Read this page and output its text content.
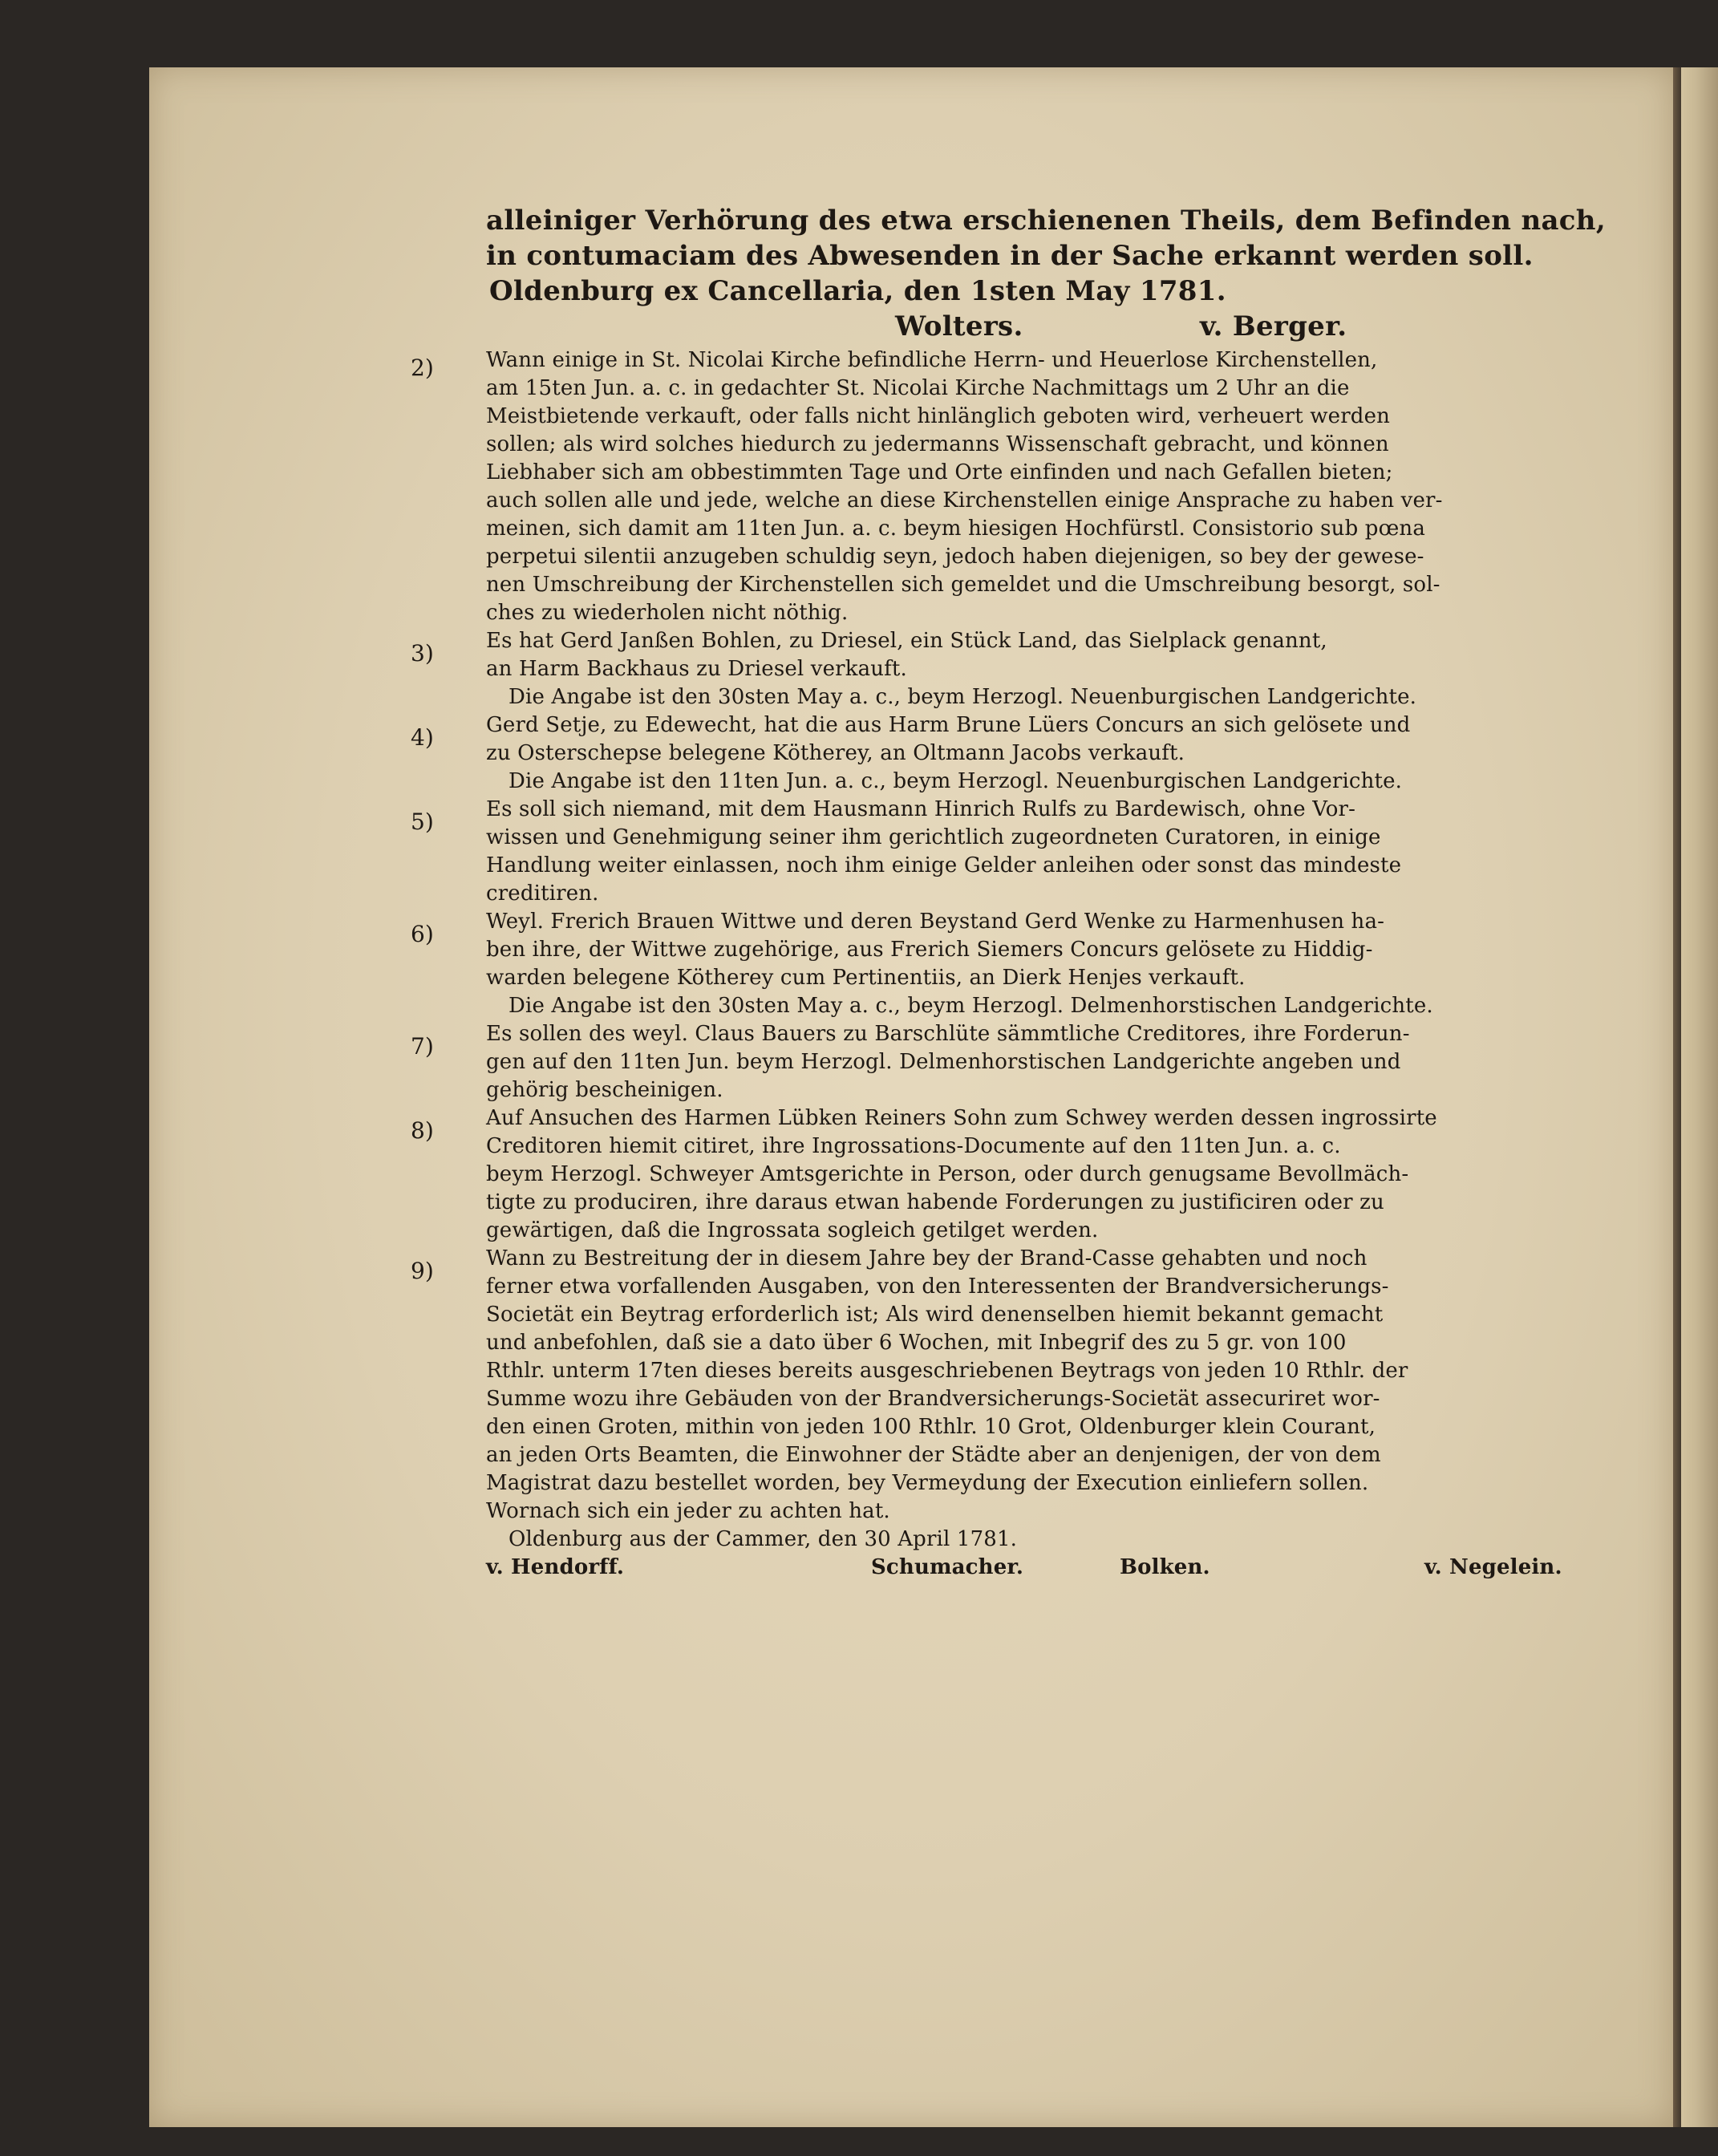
alleiniger Verhörung des etwa erschienenen Theils, dem Befinden nach,
in contumaciam des Abwesenden in der Sache erkannt werden soll.
Oldenburg ex Cancellaria, den 1sten May 1781.
Wolters.	v. Berger.
2)	Wann einige in St. Nicolai Kirche befindliche Herrn- und Heuerlose Kirchenstellen,
am 15ten Jun. a. c. in gedachter St. Nicolai Kirche Nachmittags um 2 Uhr an die
Meistbietende verkauft, oder falls nicht hinlänglich geboten wird, verheuert werden
sollen; als wird solches hiedurch zu jedermanns Wissenschaft gebracht, und können
Liebhaber sich am obbestimmten Tage und Orte einfinden und nach Gefallen bieten;
auch sollen alle und jede, welche an diese Kirchenstellen einige Ansprache zu haben ver-
meinen, sich damit am 11ten Jun. a. c. beym hiesigen Hochfürstl. Consistorio sub pœna
perpetui silentii anzugeben schuldig seyn, jedoch haben diejenigen, so bey der gewese-
nen Umschreibung der Kirchenstellen sich gemeldet und die Umschreibung besorgt, sol-
ches zu wiederholen nicht nöthig.
3)	Es hat Gerd Janßen Bohlen, zu Driesel, ein Stück Land, das Sielplack genannt,
an Harm Backhaus zu Driesel verkauft.
Die Angabe ist den 30sten May a. c., beym Herzogl. Neuenburgischen Landgerichte.
4)	Gerd Setje, zu Edewecht, hat die aus Harm Brune Lüers Concurs an sich gelösete und
zu Osterschepse belegene Kötherey, an Oltmann Jacobs verkauft.
Die Angabe ist den 11ten Jun. a. c., beym Herzogl. Neuenburgischen Landgerichte.
5)	Es soll sich niemand, mit dem Hausmann Hinrich Rulfs zu Bardewisch, ohne Vor-
wissen und Genehmigung seiner ihm gerichtlich zugeordneten Curatoren, in einige
Handlung weiter einlassen, noch ihm einige Gelder anleihen oder sonst das mindeste
creditiren.
6)	Weyl. Frerich Brauen Wittwe und deren Beystand Gerd Wenke zu Harmenhusen ha-
ben ihre, der Wittwe zugehörige, aus Frerich Siemers Concurs gelösete zu Hiddig-
warden belegene Kötherey cum Pertinentiis, an Dierk Henjes verkauft.
Die Angabe ist den 30sten May a. c., beym Herzogl. Delmenhorstischen Landgerichte.
7)	Es sollen des weyl. Claus Bauers zu Barschlüte sämmtliche Creditores, ihre Forderun-
gen auf den 11ten Jun. beym Herzogl. Delmenhorstischen Landgerichte angeben und
gehörig bescheinigen.
8)	Auf Ansuchen des Harmen Lübken Reiners Sohn zum Schwey werden dessen ingrossirte
Creditoren hiemit citiret, ihre Ingrossations-Documente auf den 11ten Jun. a. c.
beym Herzogl. Schweyer Amtsgerichte in Person, oder durch genugsame Bevollmäch-
tigte zu produciren, ihre daraus etwan habende Forderungen zu justificiren oder zu
gewärtigen, daß die Ingrossata sogleich getilget werden.
9)	Wann zu Bestreitung der in diesem Jahre bey der Brand-Casse gehabten und noch
ferner etwa vorfallenden Ausgaben, von den Interessenten der Brandversicherungs-
Societät ein Beytrag erforderlich ist; Als wird denenselben hiemit bekannt gemacht
und anbefohlen, daß sie a dato über 6 Wochen, mit Inbegrif des zu 5 gr. von 100
Rthlr. unterm 17ten dieses bereits ausgeschriebenen Beytrags von jeden 10 Rthlr. der
Summe wozu ihre Gebäuden von der Brandversicherungs-Societät assecuriret wor-
den einen Groten, mithin von jeden 100 Rthlr. 10 Grot, Oldenburger klein Courant,
an jeden Orts Beamten, die Einwohner der Städte aber an denjenigen, der von dem
Magistrat dazu bestellet worden, bey Vermeydung der Execution einliefern sollen.
Wornach sich ein jeder zu achten hat.
Oldenburg aus der Cammer, den 30 April 1781.
v. Hendorff.	Schumacher.	Bolken.	v. Negelein.
